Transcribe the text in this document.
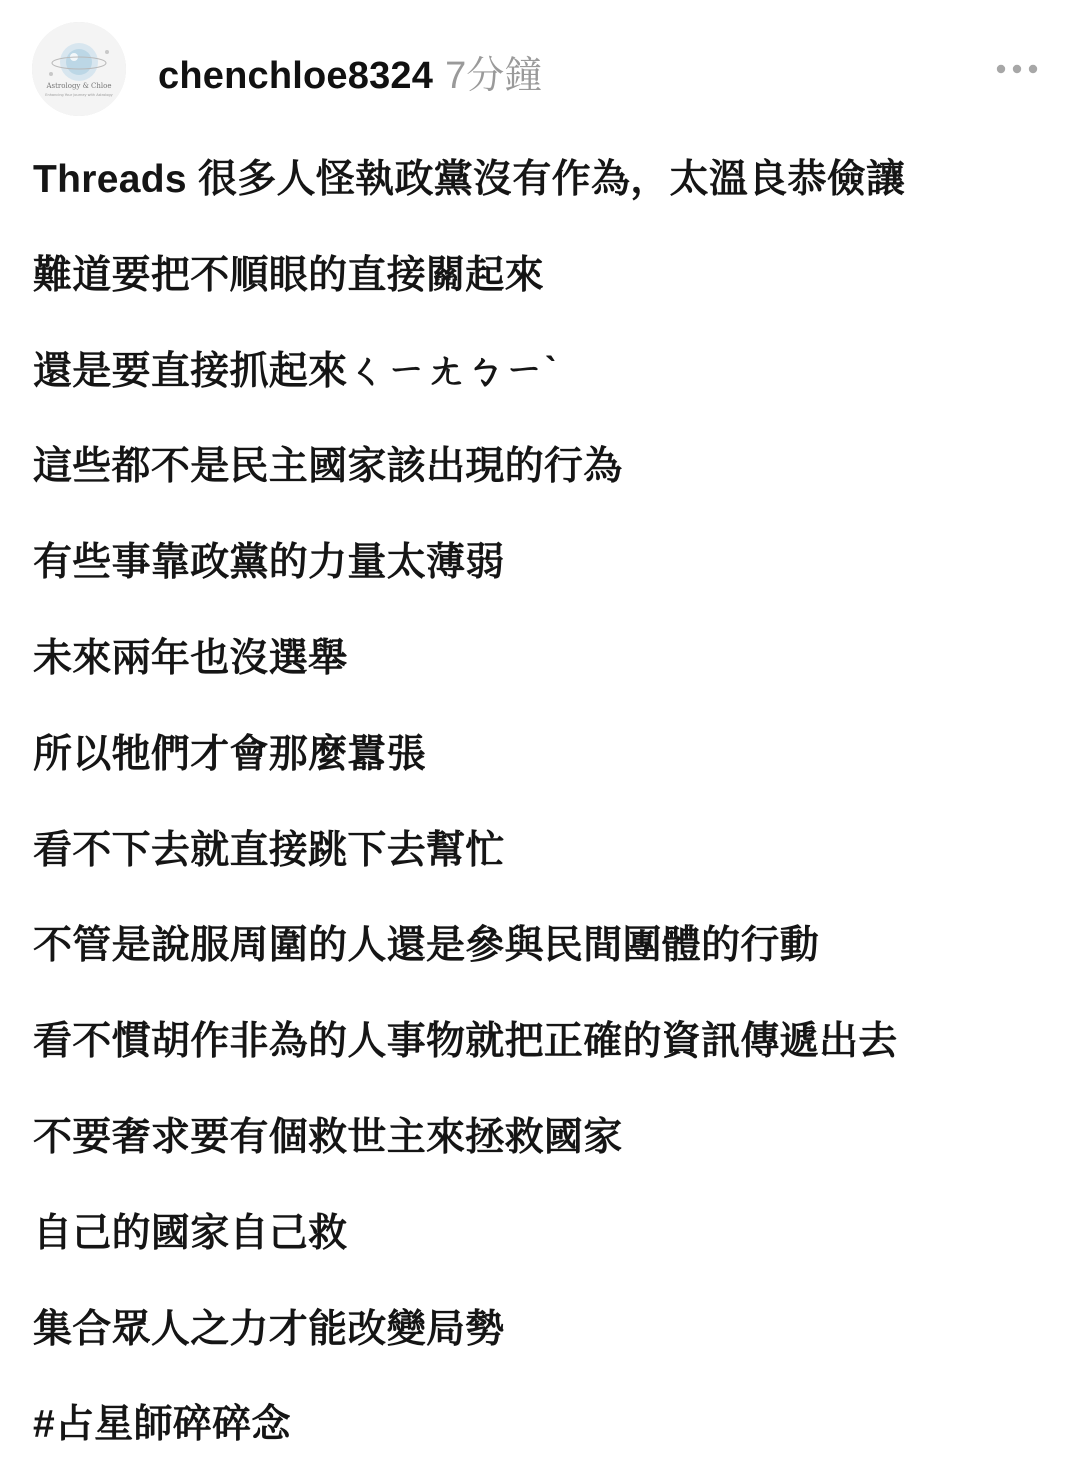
Astrology & Chloe
Enhancing Your Journey with Astrology chenchloe8324 7分鐘
Threads 很多人怪執政黨沒有作為，太溫良恭儉讓
難道要把不順眼的直接關起來
還是要直接抓起來ㄑㄧㄤㄅㄧˋ
這些都不是民主國家該出現的行為
有些事靠政黨的力量太薄弱
未來兩年也沒選舉
所以牠們才會那麼囂張
看不下去就直接跳下去幫忙
不管是說服周圍的人還是參與民間團體的行動
看不慣胡作非為的人事物就把正確的資訊傳遞出去
不要奢求要有個救世主來拯救國家
自己的國家自己救
集合眾人之力才能改變局勢
#占星師碎碎念
